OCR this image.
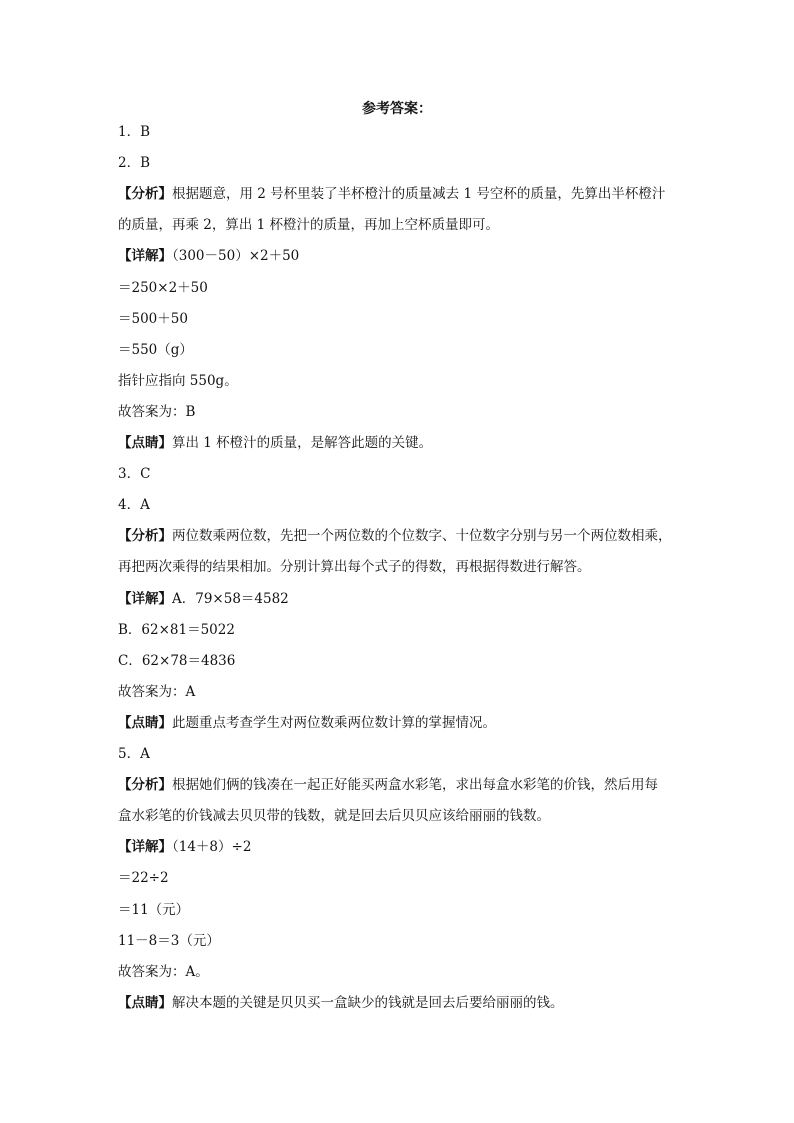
参考答案：
1．B
2．B
【分析】根据题意，用 2 号杯里装了半杯橙汁的质量减去 1 号空杯的质量，先算出半杯橙汁
的质量，再乘 2，算出 1 杯橙汁的质量，再加上空杯质量即可。
【详解】（300－50）×2＋50
＝250×2＋50
＝500＋50
＝550（g）
指针应指向 550g。
故答案为：B
【点睛】算出 1 杯橙汁的质量，是解答此题的关键。
3．C
4．A
【分析】两位数乘两位数，先把一个两位数的个位数字、十位数字分别与另一个两位数相乘，
再把两次乘得的结果相加。分别计算出每个式子的得数，再根据得数进行解答。
【详解】A．79×58＝4582
B．62×81＝5022
C．62×78＝4836
故答案为：A
【点睛】此题重点考查学生对两位数乘两位数计算的掌握情况。
5．A
【分析】根据她们俩的钱凑在一起正好能买两盒水彩笔，求出每盒水彩笔的价钱，然后用每
盒水彩笔的价钱减去贝贝带的钱数，就是回去后贝贝应该给丽丽的钱数。
【详解】（14＋8）÷2
＝22÷2
＝11（元）
11－8＝3（元）
故答案为：A。
【点睛】解决本题的关键是贝贝买一盒缺少的钱就是回去后要给丽丽的钱。
